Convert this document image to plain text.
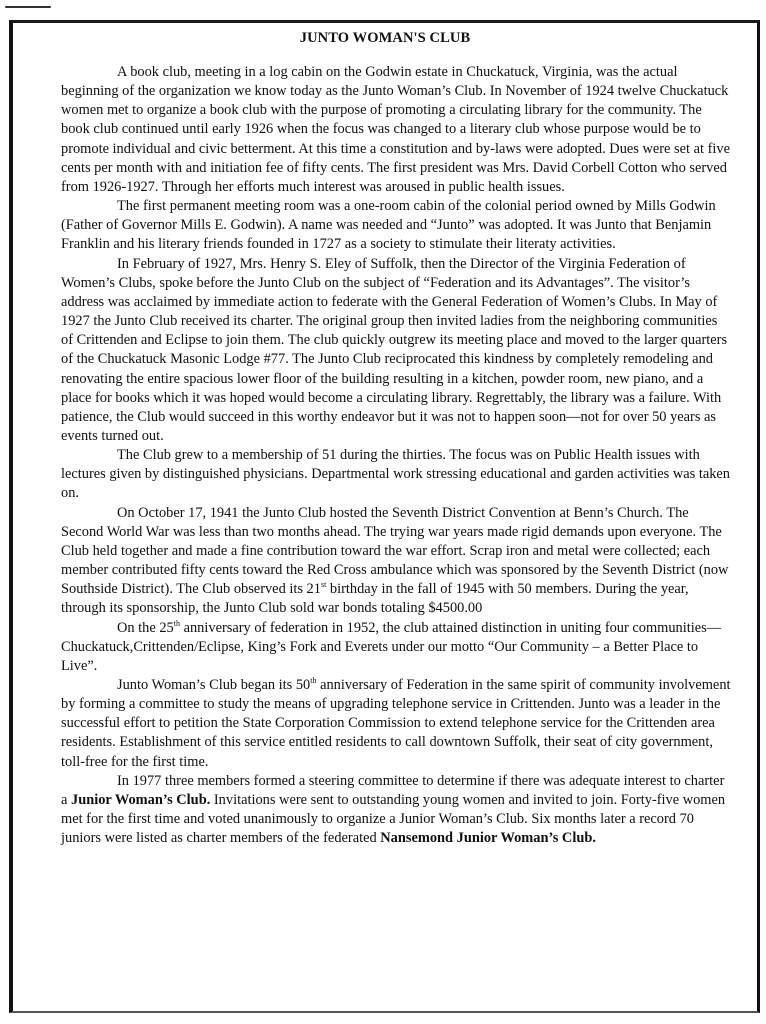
JUNTO WOMAN'S CLUB

A book club, meeting in a log cabin on the Godwin estate in Chuckatuck, Virginia, was the actual beginning of the organization we know today as the Junto Woman’s Club. In November of 1924 twelve Chuckatuck women met to organize a book club with the purpose of promoting a circulating library for the community. The book club continued until early 1926 when the focus was changed to a literary club whose purpose would be to promote individual and civic betterment. At this time a constitution and by-laws were adopted. Dues were set at five cents per month with and initiation fee of fifty cents. The first president was Mrs. David Corbell Cotton who served from 1926-1927. Through her efforts much interest was aroused in public health issues.

The first permanent meeting room was a one-room cabin of the colonial period owned by Mills Godwin (Father of Governor Mills E. Godwin). A name was needed and “Junto” was adopted. It was Junto that Benjamin Franklin and his literary friends founded in 1727 as a society to stimulate their literaty activities.

In February of 1927, Mrs. Henry S. Eley of Suffolk, then the Director of the Virginia Federation of Women’s Clubs, spoke before the Junto Club on the subject of “Federation and its Advantages”. The visitor’s address was acclaimed by immediate action to federate with the General Federation of Women’s Clubs. In May of 1927 the Junto Club received its charter. The original group then invited ladies from the neighboring communities of Crittenden and Eclipse to join them. The club quickly outgrew its meeting place and moved to the larger quarters of the Chuckatuck Masonic Lodge #77. The Junto Club reciprocated this kindness by completely remodeling and renovating the entire spacious lower floor of the building resulting in a kitchen, powder room, new piano, and a place for books which it was hoped would become a circulating library. Regrettably, the library was a failure. With patience, the Club would succeed in this worthy endeavor but it was not to happen soon—not for over 50 years as events turned out.

The Club grew to a membership of 51 during the thirties. The focus was on Public Health issues with lectures given by distinguished physicians. Departmental work stressing educational and garden activities was taken on.

On October 17, 1941 the Junto Club hosted the Seventh District Convention at Benn’s Church. The Second World War was less than two months ahead. The trying war years made rigid demands upon everyone. The Club held together and made a fine contribution toward the war effort. Scrap iron and metal were collected; each member contributed fifty cents toward the Red Cross ambulance which was sponsored by the Seventh District (now Southside District). The Club observed its 21st birthday in the fall of 1945 with 50 members. During the year, through its sponsorship, the Junto Club sold war bonds totaling $4500.00

On the 25th anniversary of federation in 1952, the club attained distinction in uniting four communities—Chuckatuck,Crittenden/Eclipse, King’s Fork and Everets under our motto “Our Community – a Better Place to Live”.

Junto Woman’s Club began its 50th anniversary of Federation in the same spirit of community involvement by forming a committee to study the means of upgrading telephone service in Crittenden. Junto was a leader in the successful effort to petition the State Corporation Commission to extend telephone service for the Crittenden area residents. Establishment of this service entitled residents to call downtown Suffolk, their seat of city government, toll-free for the first time.

In 1977 three members formed a steering committee to determine if there was adequate interest to charter a Junior Woman’s Club. Invitations were sent to outstanding young women and invited to join. Forty-five women met for the first time and voted unanimously to organize a Junior Woman’s Club. Six months later a record 70 juniors were listed as charter members of the federated Nansemond Junior Woman’s Club.
